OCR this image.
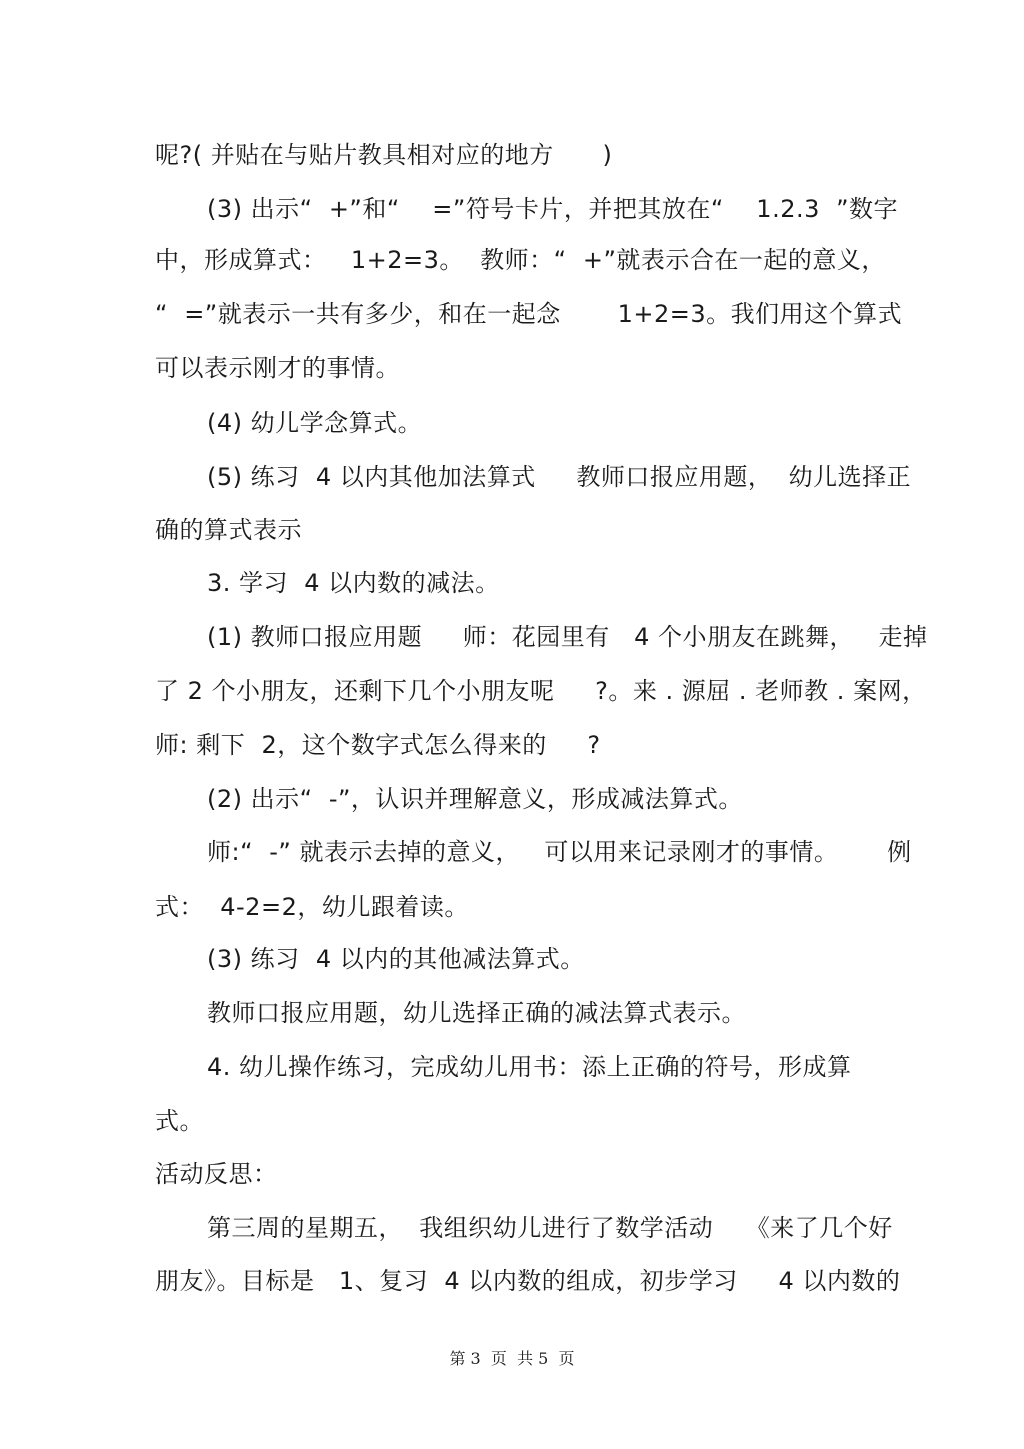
呢?( 并贴在与贴片教具相对应的地方      )
(3) 出示“  +”和“    =”符号卡片，并把其放在“    1.2.3  ”数字
中，形成算式：   1+2=3。  教师：“  +”就表示合在一起的意义，
“  =”就表示一共有多少，和在一起念       1+2=3。我们用这个算式
可以表示刚才的事情。
(4) 幼儿学念算式。
(5) 练习  4 以内其他加法算式     教师口报应用题，  幼儿选择正
确的算式表示
3. 学习  4 以内数的减法。
(1) 教师口报应用题     师：花园里有   4 个小朋友在跳舞，   走掉
了 2 个小朋友，还剩下几个小朋友呢     ?。来 . 源屈 . 老师教 . 案网，
师: 剩下  2，这个数字式怎么得来的     ?
(2) 出示“  -”，认识并理解意义，形成减法算式。
师:“  -” 就表示去掉的意义，   可以用来记录刚才的事情。      例
式：  4-2=2，幼儿跟着读。
(3) 练习  4 以内的其他减法算式。
教师口报应用题，幼儿选择正确的减法算式表示。
4. 幼儿操作练习，完成幼儿用书：添上正确的符号，形成算
式。
活动反思：
第三周的星期五，  我组织幼儿进行了数学活动    《来了几个好
朋友》。目标是   1、复习  4 以内数的组成，初步学习     4 以内数的
第 3  页  共 5  页
